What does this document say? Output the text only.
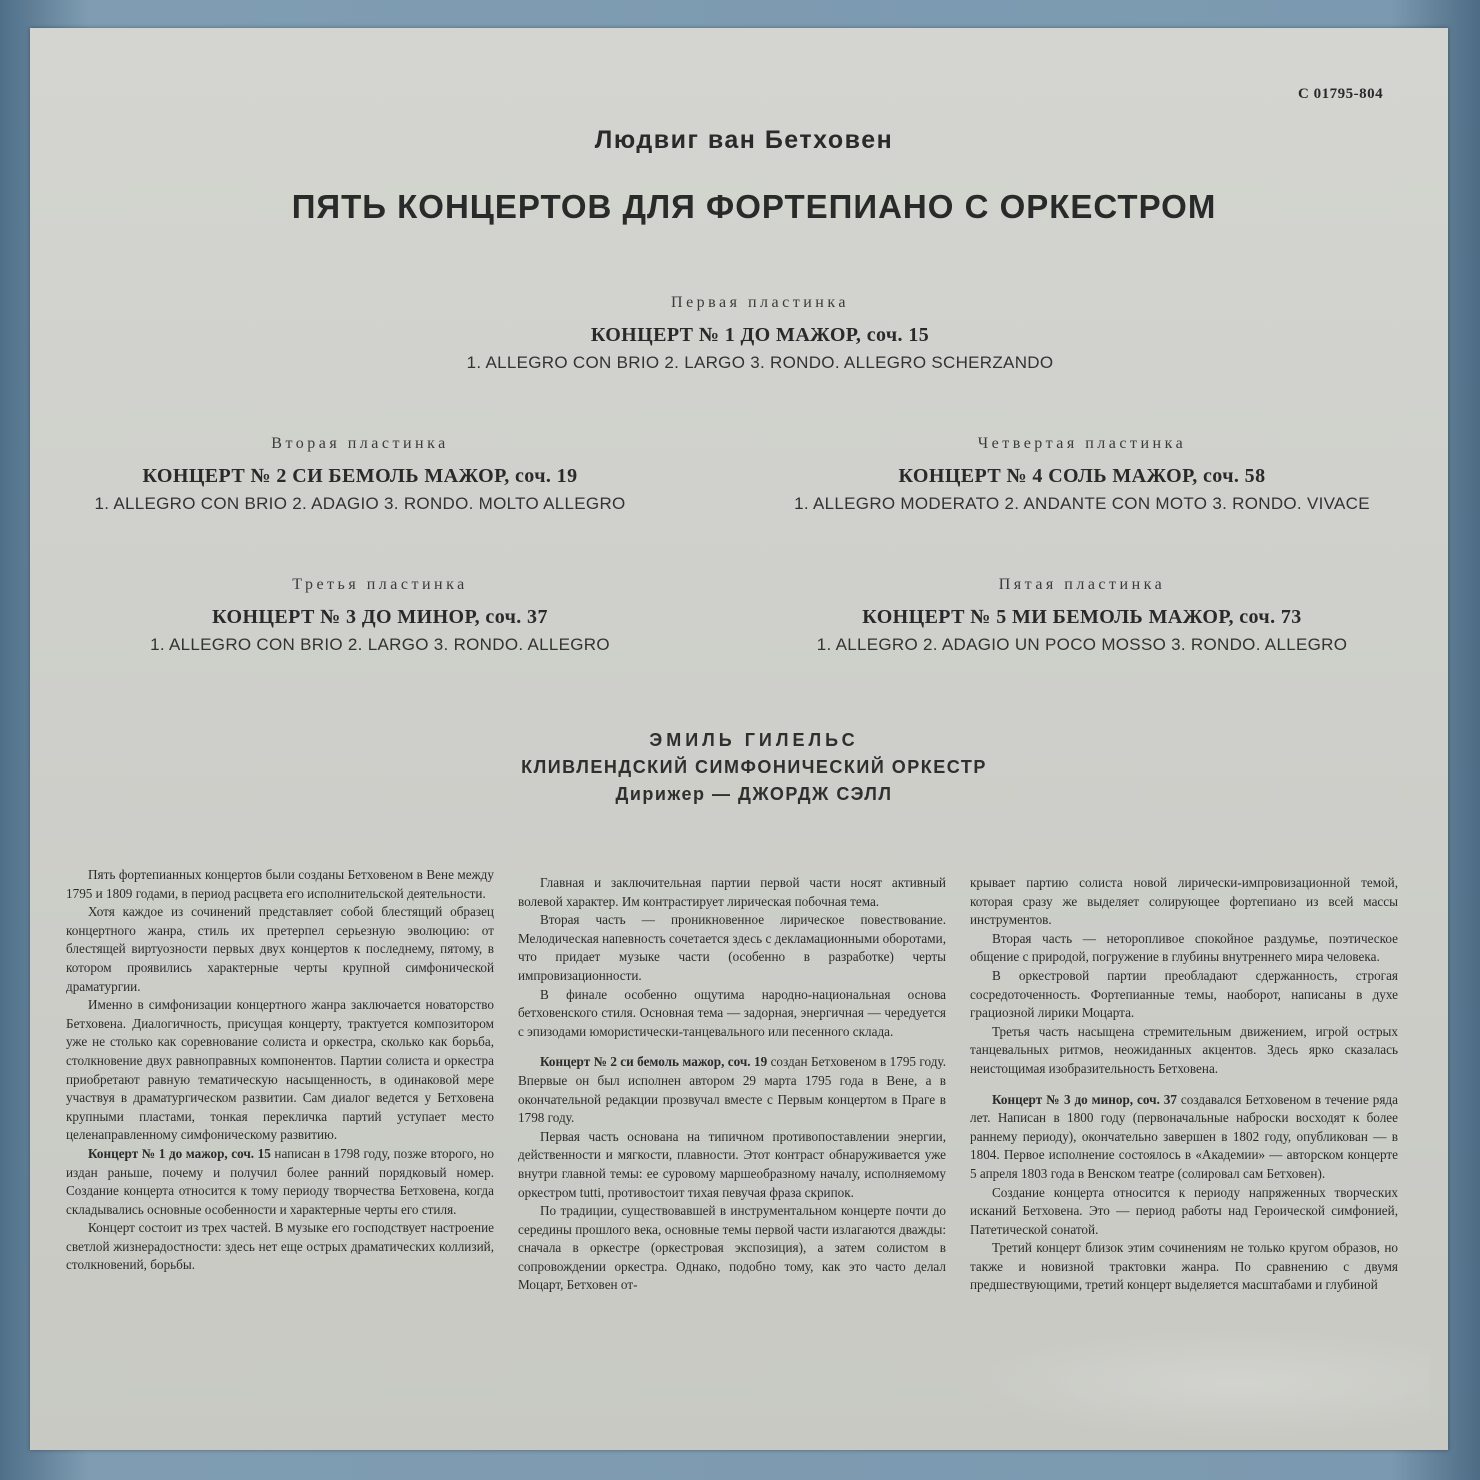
С 01795-804
Людвиг ван Бетховен
ПЯТЬ КОНЦЕРТОВ ДЛЯ ФОРТЕПИАНО С ОРКЕСТРОМ
Первая пластинка
КОНЦЕРТ № 1 ДО МАЖОР, соч. 15
1. ALLEGRO CON BRIO 2. LARGO 3. RONDO. ALLEGRO SCHERZANDO
Вторая пластинка
КОНЦЕРТ № 2 СИ БЕМОЛЬ МАЖОР, соч. 19
1. ALLEGRO CON BRIO 2. ADAGIO 3. RONDO. MOLTO ALLEGRO
Третья пластинка
КОНЦЕРТ № 3 ДО МИНОР, соч. 37
1. ALLEGRO CON BRIO 2. LARGO 3. RONDO. ALLEGRO
Четвертая пластинка
КОНЦЕРТ № 4 СОЛЬ МАЖОР, соч. 58
1. ALLEGRO MODERATO 2. ANDANTE CON MOTO 3. RONDO. VIVACE
Пятая пластинка
КОНЦЕРТ № 5 МИ БЕМОЛЬ МАЖОР, соч. 73
1. ALLEGRO 2. ADAGIO UN POCO MOSSO 3. RONDO. ALLEGRO
ЭМИЛЬ ГИЛЕЛЬС
КЛИВЛЕНДСКИЙ СИМФОНИЧЕСКИЙ ОРКЕСТР
Дирижер — ДЖОРДЖ СЭЛЛ

Пять фортепианных концертов были созданы Бетховеном в Вене между 1795 и 1809 годами, в период расцвета его исполнительской деятельности.

Хотя каждое из сочинений представляет собой блестящий образец концертного жанра, стиль их претерпел серьезную эволюцию: от блестящей виртуозности первых двух концертов к последнему, пятому, в котором проявились характерные черты крупной симфонической драматургии.

Именно в симфонизации концертного жанра заключается новаторство Бетховена. Диалогичность, присущая концерту, трактуется композитором уже не столько как соревнование солиста и оркестра, сколько как борьба, столкновение двух равноправных компонентов. Партии солиста и оркестра приобретают равную тематическую насыщенность, в одинаковой мере участвуя в драматургическом развитии. Сам диалог ведется у Бетховена крупными пластами, тонкая перекличка партий уступает место целенаправленному симфоническому развитию.

Концерт № 1 до мажор, соч. 15 написан в 1798 году, позже второго, но издан раньше, почему и получил более ранний порядковый номер. Создание концерта относится к тому периоду творчества Бетховена, когда складывались основные особенности и характерные черты его стиля.

Концерт состоит из трех частей. В музыке его господствует настроение светлой жизнерадостности: здесь нет еще острых драматических коллизий, столкновений, борьбы.

Главная и заключительная партии первой части носят активный волевой характер. Им контрастирует лирическая побочная тема.

Вторая часть — проникновенное лирическое повествование. Мелодическая напевность сочетается здесь с декламационными оборотами, что придает музыке части (особенно в разработке) черты импровизационности.

В финале особенно ощутима народно-национальная основа бетховенского стиля. Основная тема — задорная, энергичная — чередуется с эпизодами юмористически-танцевального или песенного склада.

Концерт № 2 си бемоль мажор, соч. 19 создан Бетховеном в 1795 году. Впервые он был исполнен автором 29 марта 1795 года в Вене, а в окончательной редакции прозвучал вместе с Первым концертом в Праге в 1798 году.

Первая часть основана на типичном противопоставлении энергии, действенности и мягкости, плавности. Этот контраст обнаруживается уже внутри главной темы: ее суровому маршеобразному началу, исполняемому оркестром tutti, противостоит тихая певучая фраза скрипок.

По традиции, существовавшей в инструментальном концерте почти до середины прошлого века, основные темы первой части излагаются дважды: сначала в оркестре (оркестровая экспозиция), а затем солистом в сопровождении оркестра. Однако, подобно тому, как это часто делал Моцарт, Бетховен от-

крывает партию солиста новой лирически-импровизационной темой, которая сразу же выделяет солирующее фортепиано из всей массы инструментов.

Вторая часть — неторопливое спокойное раздумье, поэтическое общение с природой, погружение в глубины внутреннего мира человека.

В оркестровой партии преобладают сдержанность, строгая сосредоточенность. Фортепианные темы, наоборот, написаны в духе грациозной лирики Моцарта.

Третья часть насыщена стремительным движением, игрой острых танцевальных ритмов, неожиданных акцентов. Здесь ярко сказалась неистощимая изобразительность Бетховена.

Концерт № 3 до минор, соч. 37 создавался Бетховеном в течение ряда лет. Написан в 1800 году (первоначальные наброски восходят к более раннему периоду), окончательно завершен в 1802 году, опубликован — в 1804. Первое исполнение состоялось в «Академии» — авторском концерте 5 апреля 1803 года в Венском театре (солировал сам Бетховен).

Создание концерта относится к периоду напряженных творческих исканий Бетховена. Это — период работы над Героической симфонией, Патетической сонатой.

Третий концерт близок этим сочинениям не только кругом образов, но также и новизной трактовки жанра. По сравнению с двумя предшествующими, третий концерт выделяется масштабами и глубиной
